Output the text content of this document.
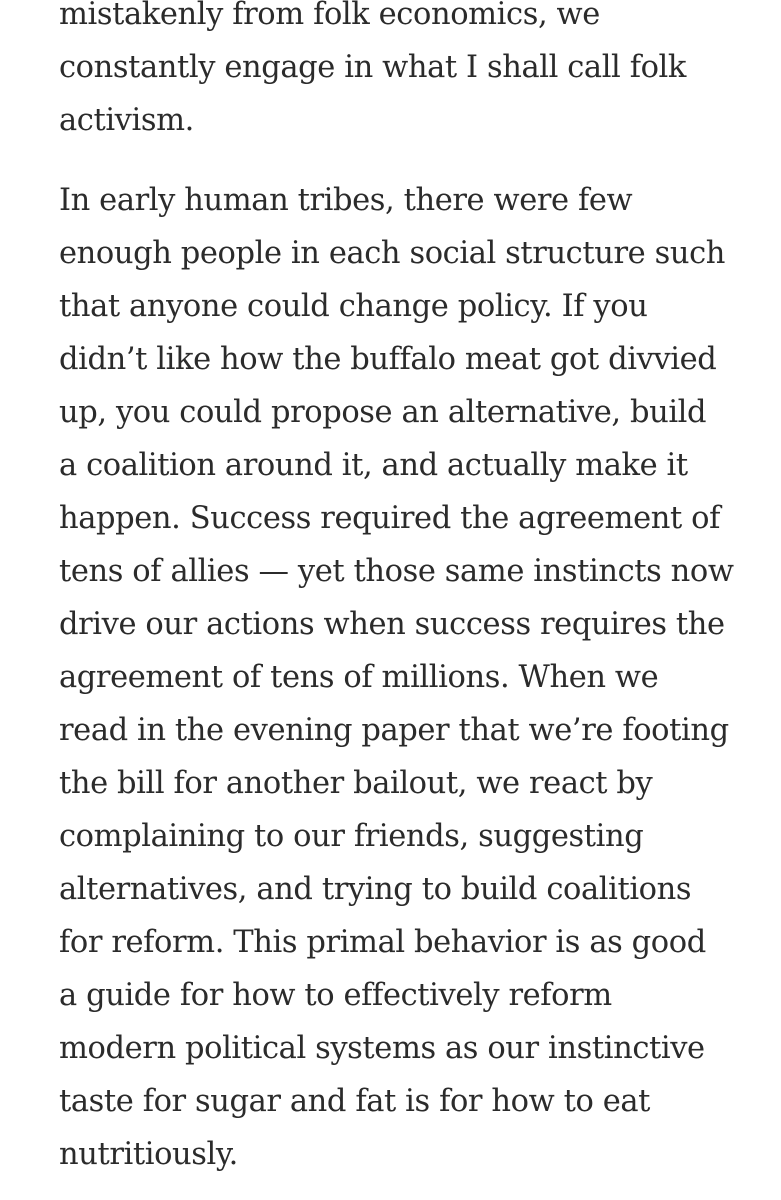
mistakenly from folk economics, we
constantly engage in what I shall call folk
activism.

In early human tribes, there were few
enough people in each social structure such
that anyone could change policy. If you
didn’t like how the buffalo meat got divvied
up, you could propose an alternative, build
a coalition around it, and actually make it
happen. Success required the agreement of
tens of allies — yet those same instincts now
drive our actions when success requires the
agreement of tens of millions. When we
read in the evening paper that we’re footing
the bill for another bailout, we react by
complaining to our friends, suggesting
alternatives, and trying to build coalitions
for reform. This primal behavior is as good
a guide for how to effectively reform
modern political systems as our instinctive
taste for sugar and fat is for how to eat
nutritiously.
